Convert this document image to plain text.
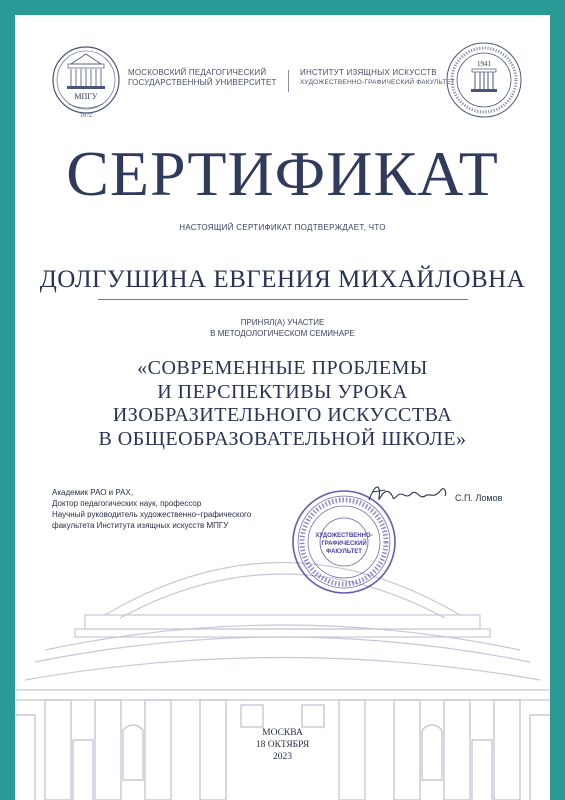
МПГУ
1872
МОСКОВСКИЙ ПЕДАГОГИЧЕСКИЙ
ГОСУДАРСТВЕННЫЙ УНИВЕРСИТЕТ
ИНСТИТУТ ИЗЯЩНЫХ ИСКУССТВ
ХУДОЖЕСТВЕННО-ГРАФИЧЕСКИЙ ФАКУЛЬТЕТ
1941
СЕРТИФИКАТ
НАСТОЯЩИЙ СЕРТИФИКАТ ПОДТВЕРЖДАЕТ, ЧТО
ДОЛГУШИНА ЕВГЕНИЯ МИХАЙЛОВНА
ПРИНЯЛ(А) УЧАСТИЕ
В МЕТОДОЛОГИЧЕСКОМ СЕМИНАРЕ
«СОВРЕМЕННЫЕ ПРОБЛЕМЫ
И ПЕРСПЕКТИВЫ УРОКА
ИЗОБРАЗИТЕЛЬНОГО ИСКУССТВА
В ОБЩЕОБРАЗОВАТЕЛЬНОЙ ШКОЛЕ»
Академик РАО и РАХ,
Доктор педагогических наук, профессор
Научный руководитель художественно–графического
факультета Института изящных искусств МПГУ
ХУДОЖЕСТВЕННО-
ГРАФИЧЕСКИЙ
ФАКУЛЬТЕТ
С.П. Ломов
МОСКВА
18 ОКТЯБРЯ
2023
